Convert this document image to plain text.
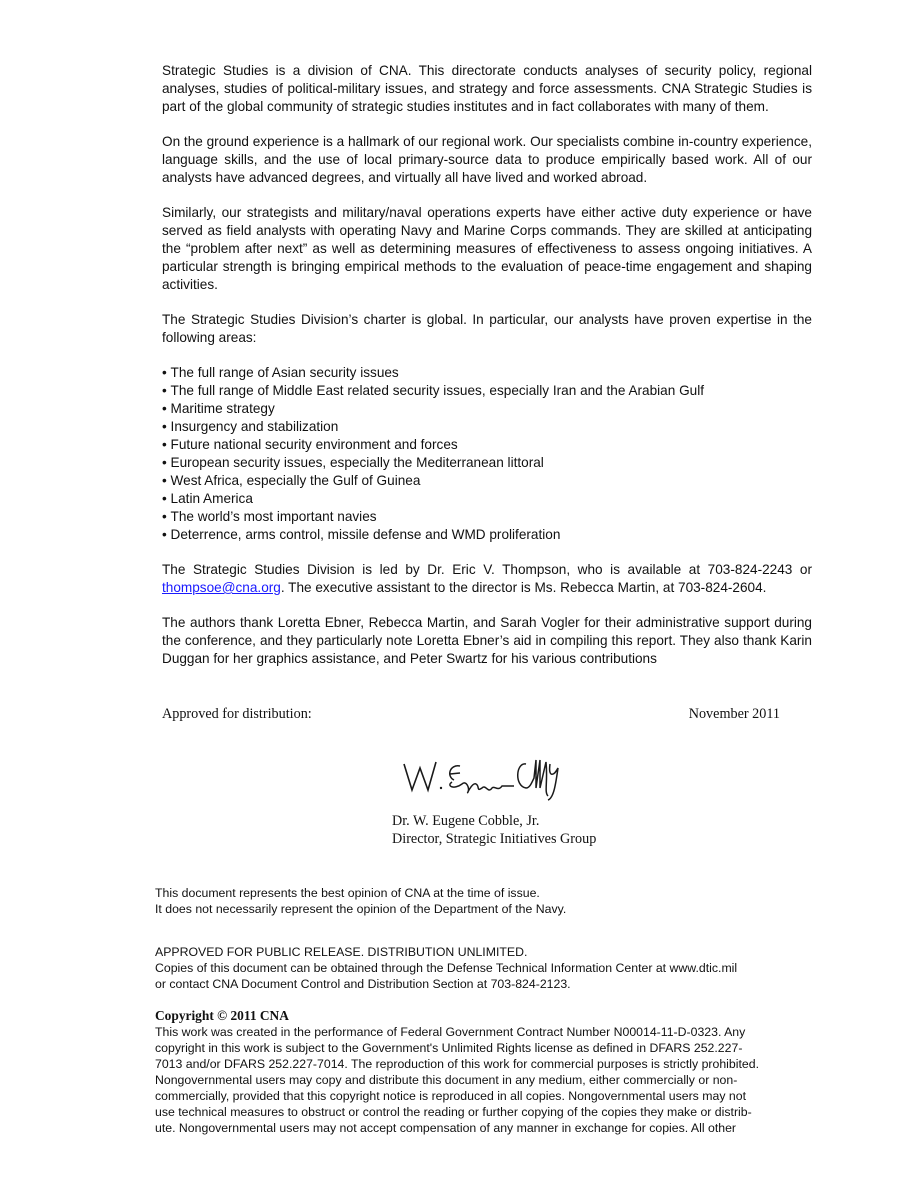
Strategic Studies is a division of CNA. This directorate conducts analyses of security policy, regional analyses, studies of political-military issues, and strategy and force assessments. CNA Strategic Studies is part of the global community of strategic studies institutes and in fact collaborates with many of them.

On the ground experience is a hallmark of our regional work. Our specialists combine in-country experience, language skills, and the use of local primary-source data to produce empirically based work. All of our analysts have advanced degrees, and virtually all have lived and worked abroad.

Similarly, our strategists and military/naval operations experts have either active duty experience or have served as field analysts with operating Navy and Marine Corps commands. They are skilled at anticipating the “problem after next” as well as determining measures of effectiveness to assess ongoing initiatives. A particular strength is bringing empirical methods to the evaluation of peace-time engagement and shaping activities.

The Strategic Studies Division’s charter is global. In particular, our analysts have proven expertise in the following areas:

• The full range of Asian security issues
• The full range of Middle East related security issues, especially Iran and the Arabian Gulf
• Maritime strategy
• Insurgency and stabilization
• Future national security environment and forces
• European security issues, especially the Mediterranean littoral
• West Africa, especially the Gulf of Guinea
• Latin America
• The world’s most important navies
• Deterrence, arms control, missile defense and WMD proliferation

The Strategic Studies Division is led by Dr. Eric V. Thompson, who is available at 703-824-2243 or thompsoe@cna.org. The executive assistant to the director is Ms. Rebecca Martin, at 703-824-2604.

The authors thank Loretta Ebner, Rebecca Martin, and Sarah Vogler for their administrative support during the conference, and they particularly note Loretta Ebner’s aid in compiling this report. They also thank Karin Duggan for her graphics assistance, and Peter Swartz for his various contributions

Approved for distribution:	November 2011
Dr. W. Eugene Cobble, Jr.
Director, Strategic Initiatives Group
This document represents the best opinion of CNA at the time of issue.
It does not necessarily represent the opinion of the Department of the Navy.
APPROVED FOR PUBLIC RELEASE. DISTRIBUTION UNLIMITED.
Copies of this document can be obtained through the Defense Technical Information Center at www.dtic.mil
or contact CNA Document Control and Distribution Section at 703-824-2123.
Copyright © 2011 CNA
This work was created in the performance of Federal Government Contract Number N00014-11-D-0323. Any
copyright in this work is subject to the Government's Unlimited Rights license as defined in DFARS 252.227-
7013 and/or DFARS 252.227-7014. The reproduction of this work for commercial purposes is strictly prohibited.
Nongovernmental users may copy and distribute this document in any medium, either commercially or non-
commercially, provided that this copyright notice is reproduced in all copies. Nongovernmental users may not
use technical measures to obstruct or control the reading or further copying of the copies they make or distrib-
ute. Nongovernmental users may not accept compensation of any manner in exchange for copies. All other
